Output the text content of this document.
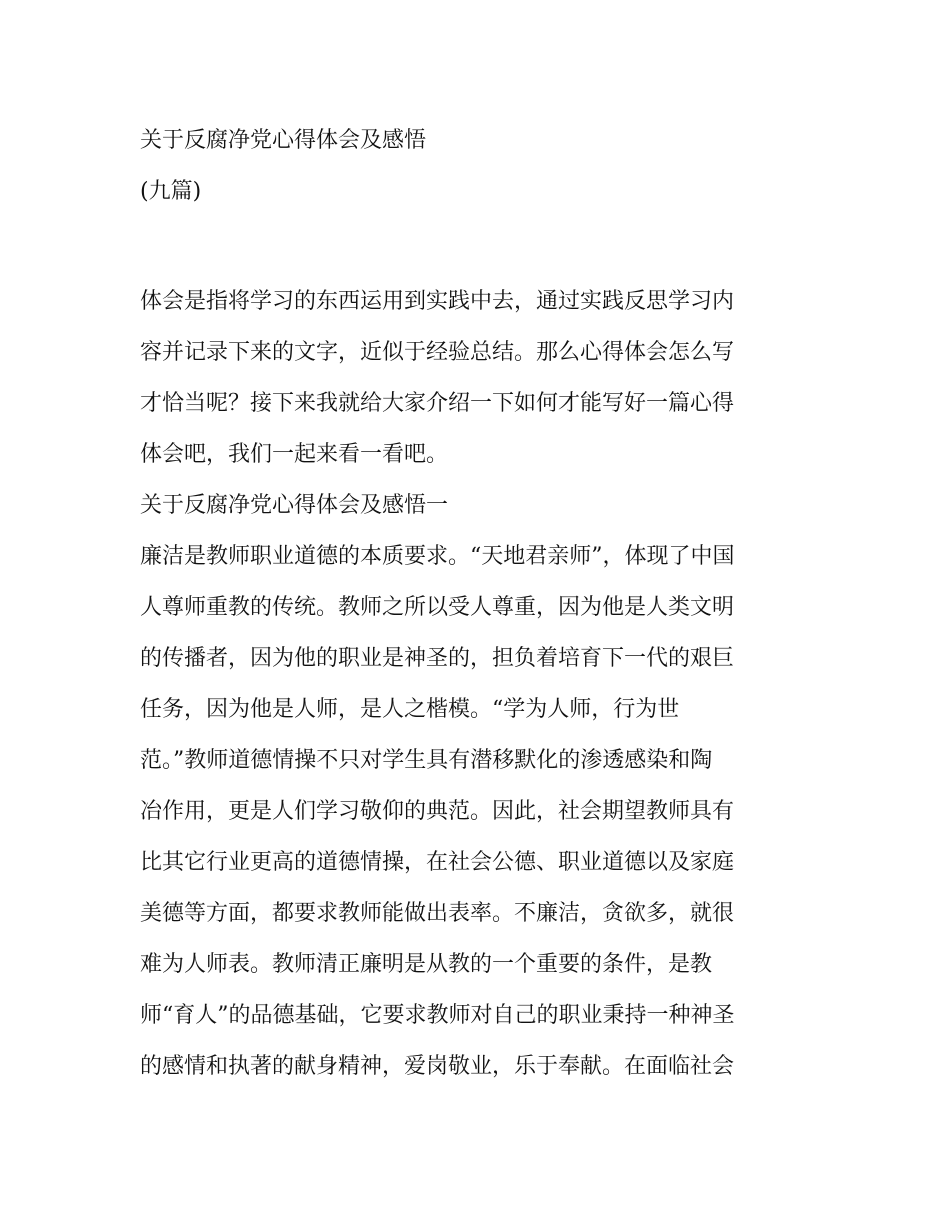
关于反腐净党心得体会及感悟
(九篇)
体会是指将学习的东西运用到实践中去，通过实践反思学习内
容并记录下来的文字，近似于经验总结。那么心得体会怎么写
才恰当呢？接下来我就给大家介绍一下如何才能写好一篇心得
体会吧，我们一起来看一看吧。
关于反腐净党心得体会及感悟一
廉洁是教师职业道德的本质要求。“天地君亲师”，体现了中国
人尊师重教的传统。教师之所以受人尊重，因为他是人类文明
的传播者，因为他的职业是神圣的，担负着培育下一代的艰巨
任务，因为他是人师，是人之楷模。“学为人师，行为世
范。”教师道德情操不只对学生具有潜移默化的渗透感染和陶
冶作用，更是人们学习敬仰的典范。因此，社会期望教师具有
比其它行业更高的道德情操，在社会公德、职业道德以及家庭
美德等方面，都要求教师能做出表率。不廉洁，贪欲多，就很
难为人师表。教师清正廉明是从教的一个重要的条件，是教
师“育人”的品德基础，它要求教师对自己的职业秉持一种神圣
的感情和执著的献身精神，爱岗敬业，乐于奉献。在面临社会
